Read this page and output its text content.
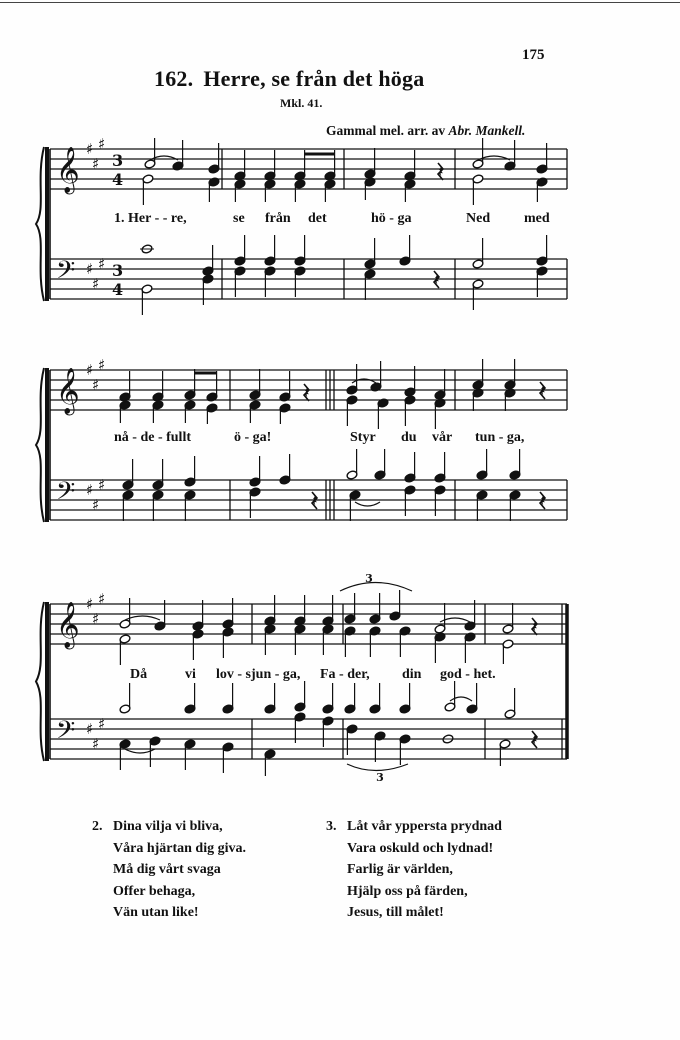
175
162. Herre, se från det höga
Mkl. 41.
Gammal mel. arr. av Abr. Mankell.
𝄞
𝄢
♯
♯
♯
♯
♯
♯
3
4
3
4
𝄞
𝄢
♯
♯
♯
♯
♯
♯
𝄞
𝄢
♯
♯
♯
♯
♯
♯
𝄽
𝄽
𝄽	𝄽
𝄽	𝄽
𝄽
𝄽
3
3
1. Her - - re,	se från det	hö - ga	Ned med
nå - de - fullt	ö - ga!	Styr du vår tun - ga,
Då	vi lov - sjun - ga, Fa - der, din god - het.
2. Dina vilja vi bliva,
Våra hjärtan dig giva.
Må dig vårt svaga
Offer behaga,
Vän utan like!
3. Låt vår yppersta prydnad
Vara oskuld och lydnad!
Farlig är världen,
Hjälp oss på färden,
Jesus, till målet!
